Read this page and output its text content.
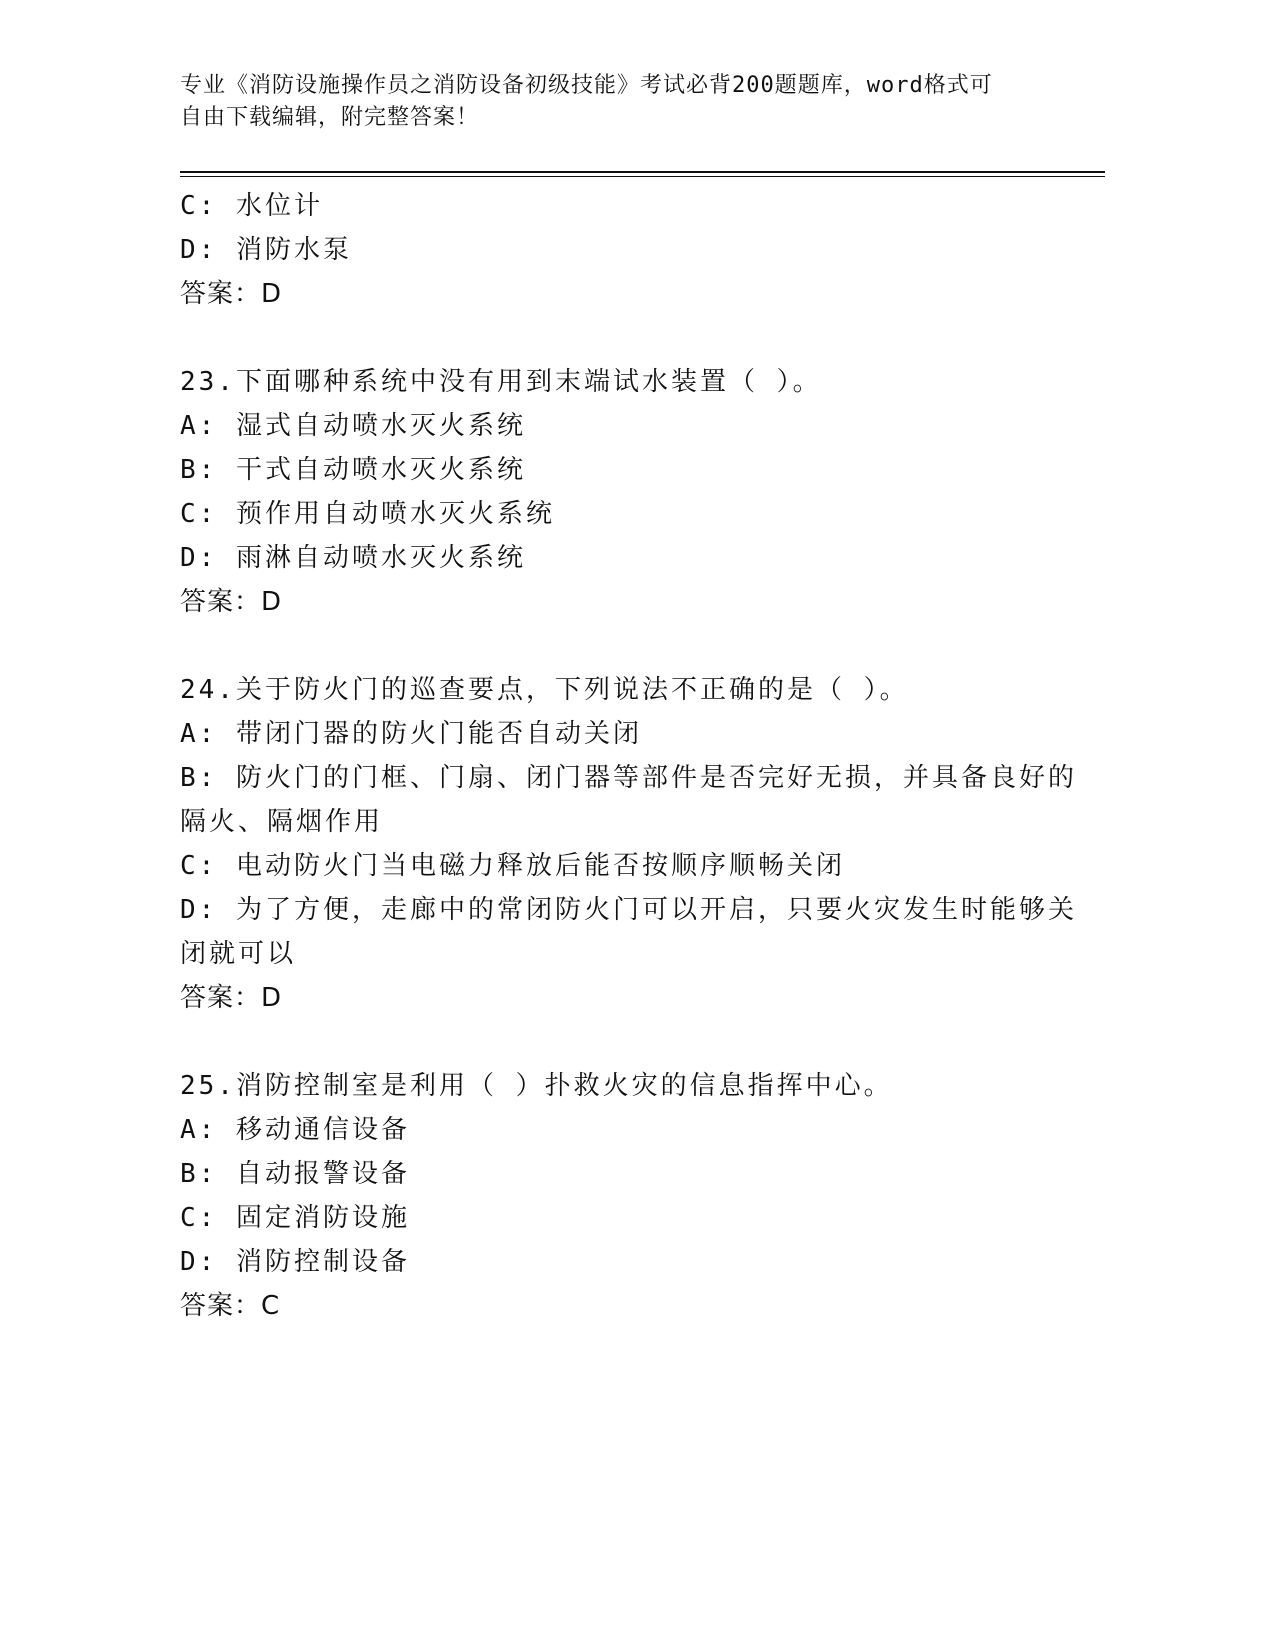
专业《消防设施操作员之消防设备初级技能》考试必背200题题库，word格式可
自由下载编辑，附完整答案！
C: 水位计
D: 消防水泵
答案：D
23.下面哪种系统中没有用到末端试水装置（ ）。
A: 湿式自动喷水灭火系统
B: 干式自动喷水灭火系统
C: 预作用自动喷水灭火系统
D: 雨淋自动喷水灭火系统
答案：D
24.关于防火门的巡查要点，下列说法不正确的是（ ）。
A: 带闭门器的防火门能否自动关闭
B: 防火门的门框、门扇、闭门器等部件是否完好无损，并具备良好的
隔火、隔烟作用
C: 电动防火门当电磁力释放后能否按顺序顺畅关闭
D: 为了方便，走廊中的常闭防火门可以开启，只要火灾发生时能够关
闭就可以
答案：D
25.消防控制室是利用（ ）扑救火灾的信息指挥中心。
A: 移动通信设备
B: 自动报警设备
C: 固定消防设施
D: 消防控制设备
答案：C
